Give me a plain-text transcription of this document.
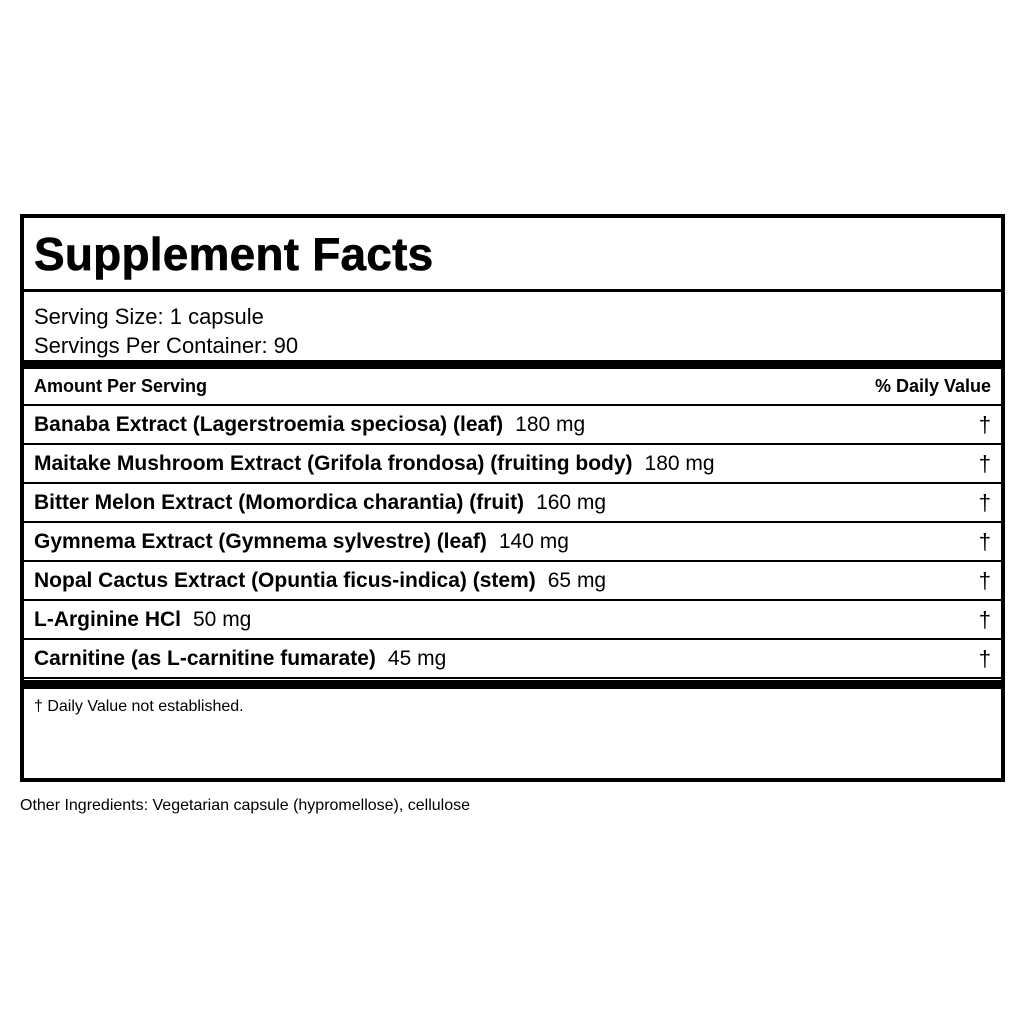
Supplement Facts
Serving Size: 1 capsule
Servings Per Container: 90
Amount Per Serving	% Daily Value
Banaba Extract (Lagerstroemia speciosa) (leaf) 180 mg	†
Maitake Mushroom Extract (Grifola frondosa) (fruiting body) 180 mg	†
Bitter Melon Extract (Momordica charantia) (fruit) 160 mg	†
Gymnema Extract (Gymnema sylvestre) (leaf) 140 mg	†
Nopal Cactus Extract (Opuntia ficus-indica) (stem) 65 mg	†
L-Arginine HCl 50 mg	†
Carnitine (as L-carnitine fumarate) 45 mg	†
† Daily Value not established.
Other Ingredients: Vegetarian capsule (hypromellose), cellulose
